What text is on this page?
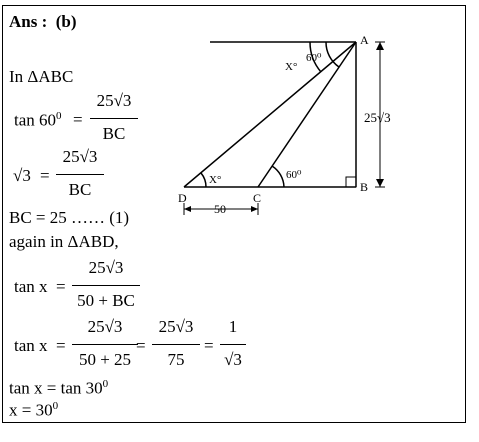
Ans : (b)
In ΔABC
$\tan 60^0$ =
25√3
BC
√3 =
25√3
BC
BC = 25 …… (1)
again in ΔABD,
tan x =
25√3
50 + BC
tan x =
25√3
50 + 25
=
25√3
75
=
1
√3
$\tan x = \tan 30^0$
$x = 30^0$
A
B
C
D
60⁰
X°
X°	60⁰
25√3
50
